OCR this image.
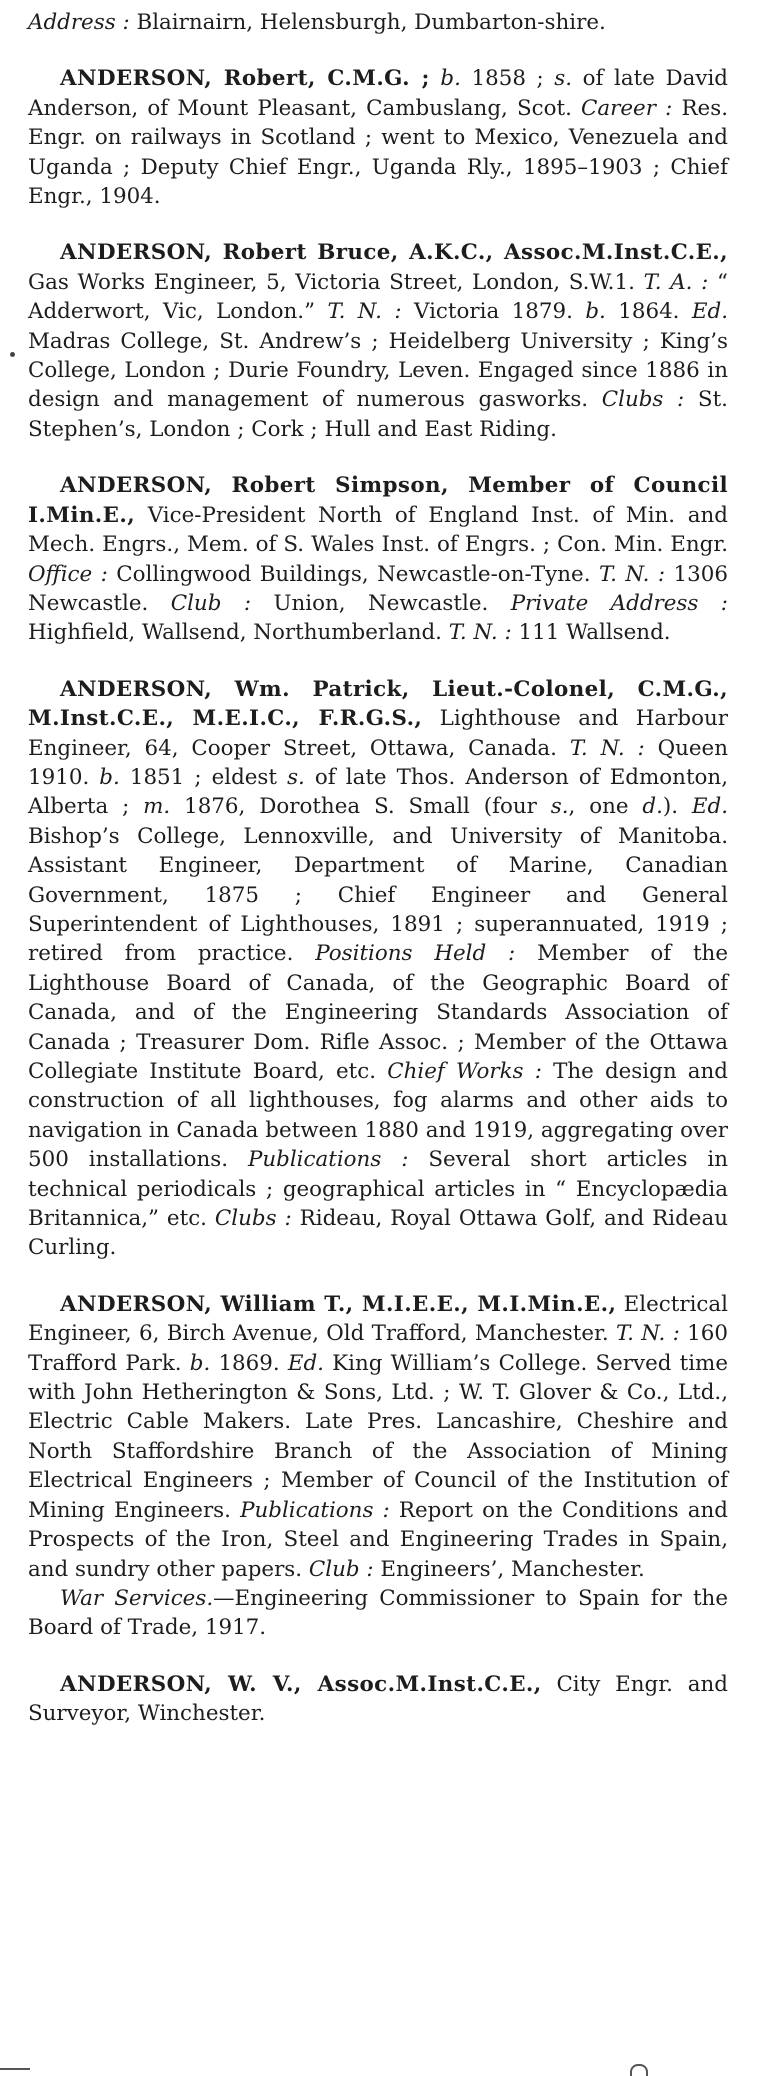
Address : Blairnairn, Helensburgh, Dumbarton-shire.

ANDERSON, Robert, C.M.G. ; b. 1858 ; s. of late David Anderson, of Mount Pleasant, Cambuslang, Scot. Career : Res. Engr. on railways in Scotland ; went to Mexico, Venezuela and Uganda ; Deputy Chief Engr., Uganda Rly., 1895–1903 ; Chief Engr., 1904.

ANDERSON, Robert Bruce, A.K.C., Assoc.M.Inst.C.E., Gas Works Engineer, 5, Victoria Street, London, S.W.1. T. A. : “ Adderwort, Vic, London.” T. N. : Victoria 1879. b. 1864. Ed. Madras College, St. Andrew’s ; Heidelberg University ; King’s College, London ; Durie Foundry, Leven. Engaged since 1886 in design and management of numerous gasworks. Clubs : St. Stephen’s, London ; Cork ; Hull and East Riding.

ANDERSON, Robert Simpson, Member of Council I.Min.E., Vice-President North of England Inst. of Min. and Mech. Engrs., Mem. of S. Wales Inst. of Engrs. ; Con. Min. Engr. Office : Collingwood Buildings, Newcastle-on-Tyne. T. N. : 1306 Newcastle. Club : Union, Newcastle. Private Address : Highfield, Wallsend, Northumberland. T. N. : 111 Wallsend.

ANDERSON, Wm. Patrick, Lieut.-Colonel, C.M.G., M.Inst.C.E., M.E.I.C., F.R.G.S., Lighthouse and Harbour Engineer, 64, Cooper Street, Ottawa, Canada. T. N. : Queen 1910. b. 1851 ; eldest s. of late Thos. Anderson of Edmonton, Alberta ; m. 1876, Dorothea S. Small (four s., one d.). Ed. Bishop’s College, Lennoxville, and University of Manitoba. Assistant Engineer, Department of Marine, Canadian Government, 1875 ; Chief Engineer and General Superintendent of Lighthouses, 1891 ; superannuated, 1919 ; retired from practice. Positions Held : Member of the Lighthouse Board of Canada, of the Geographic Board of Canada, and of the Engineering Standards Association of Canada ; Treasurer Dom. Rifle Assoc. ; Member of the Ottawa Collegiate Institute Board, etc. Chief Works : The design and construction of all lighthouses, fog alarms and other aids to navigation in Canada between 1880 and 1919, aggregating over 500 installations. Publications : Several short articles in technical periodicals ; geographical articles in “ Encyclopædia Britannica,” etc. Clubs : Rideau, Royal Ottawa Golf, and Rideau Curling.

ANDERSON, William T., M.I.E.E., M.I.Min.E., Electrical Engineer, 6, Birch Avenue, Old Trafford, Manchester. T. N. : 160 Trafford Park. b. 1869. Ed. King William’s College. Served time with John Hetherington & Sons, Ltd. ; W. T. Glover & Co., Ltd., Electric Cable Makers. Late Pres. Lancashire, Cheshire and North Staffordshire Branch of the Association of Mining Electrical Engineers ; Member of Council of the Institution of Mining Engineers. Publications : Report on the Conditions and Prospects of the Iron, Steel and Engineering Trades in Spain, and sundry other papers. Club : Engineers’, Manchester.

War Services.—Engineering Commissioner to Spain for the Board of Trade, 1917.

ANDERSON, W. V., Assoc.M.Inst.C.E., City Engr. and Surveyor, Winchester.
